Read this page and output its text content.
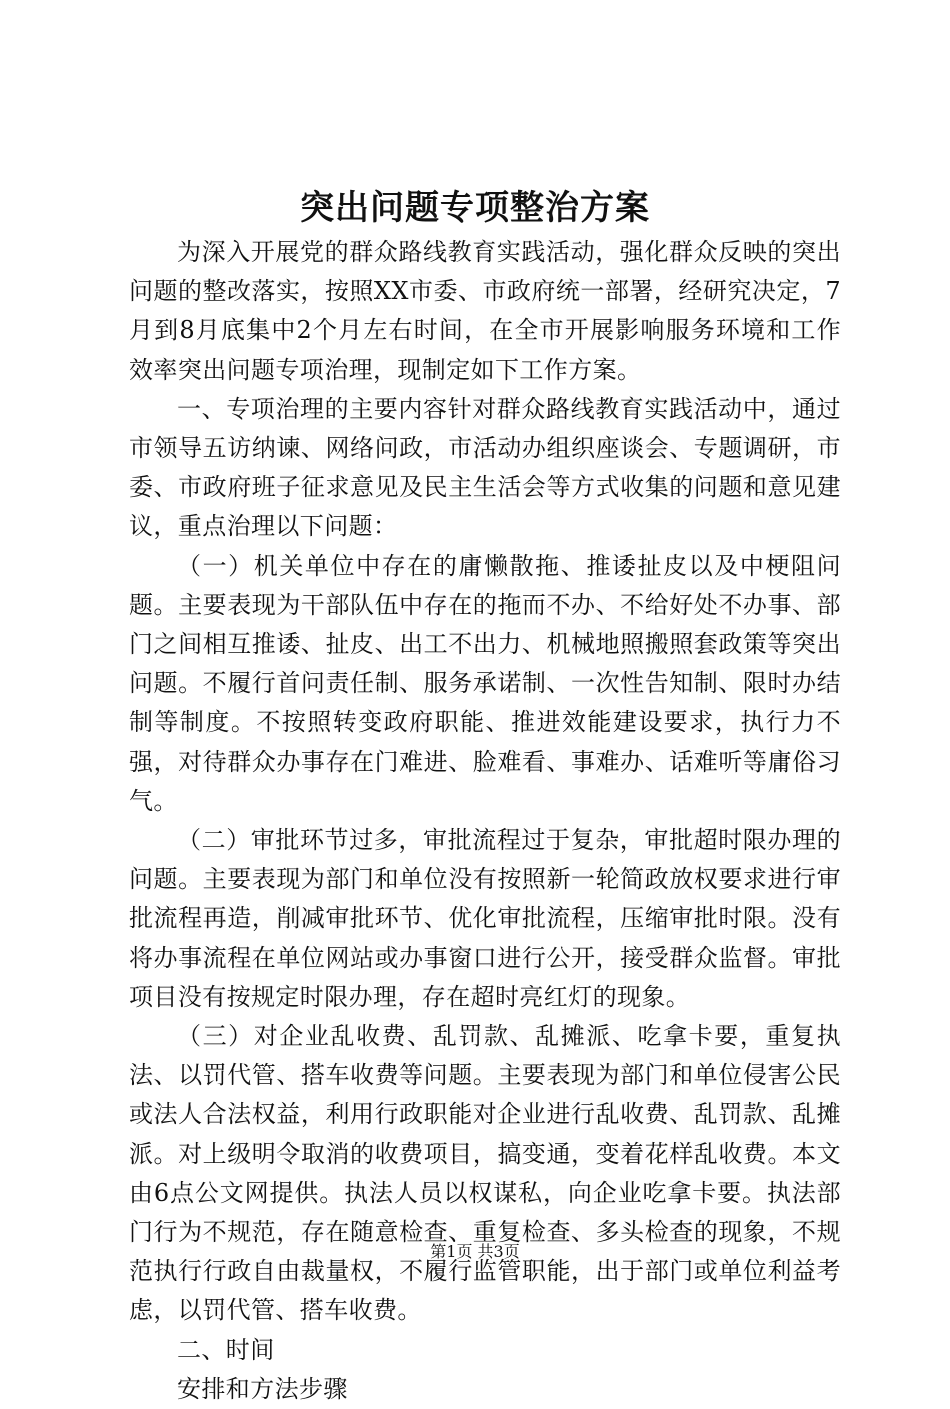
突出问题专项整治方案

为深入开展党的群众路线教育实践活动，强化群众反映的突出问题的整改落实，按照XX市委、市政府统一部署，经研究决定，7月到8月底集中2个月左右时间，在全市开展影响服务环境和工作效率突出问题专项治理，现制定如下工作方案。

一、专项治理的主要内容针对群众路线教育实践活动中，通过市领导五访纳谏、网络问政，市活动办组织座谈会、专题调研，市委、市政府班子征求意见及民主生活会等方式收集的问题和意见建议，重点治理以下问题：

（一）机关单位中存在的庸懒散拖、推诿扯皮以及中梗阻问题。主要表现为干部队伍中存在的拖而不办、不给好处不办事、部门之间相互推诿、扯皮、出工不出力、机械地照搬照套政策等突出问题。不履行首问责任制、服务承诺制、一次性告知制、限时办结制等制度。不按照转变政府职能、推进效能建设要求，执行力不强，对待群众办事存在门难进、脸难看、事难办、话难听等庸俗习气。

（二）审批环节过多，审批流程过于复杂，审批超时限办理的问题。主要表现为部门和单位没有按照新一轮简政放权要求进行审批流程再造，削减审批环节、优化审批流程，压缩审批时限。没有将办事流程在单位网站或办事窗口进行公开，接受群众监督。审批项目没有按规定时限办理，存在超时亮红灯的现象。

（三）对企业乱收费、乱罚款、乱摊派、吃拿卡要，重复执法、以罚代管、搭车收费等问题。主要表现为部门和单位侵害公民或法人合法权益，利用行政职能对企业进行乱收费、乱罚款、乱摊派。对上级明令取消的收费项目，搞变通，变着花样乱收费。本文由6点公文网提供。执法人员以权谋私，向企业吃拿卡要。执法部门行为不规范，存在随意检查、重复检查、多头检查的现象，不规范执行行政自由裁量权，不履行监管职能，出于部门或单位利益考虑，以罚代管、搭车收费。

二、时间

安排和方法步骤

第1页 共3页
